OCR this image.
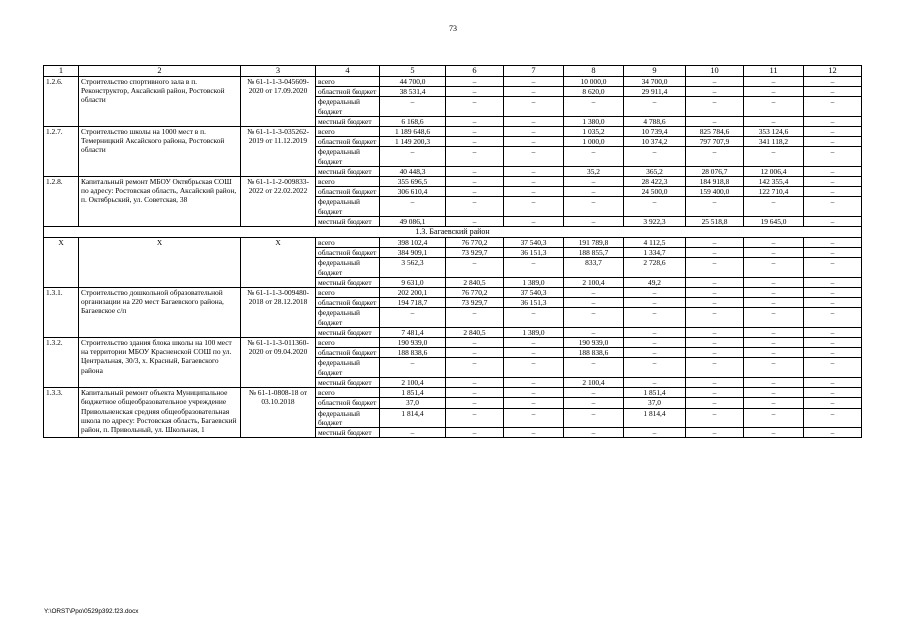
73
1	2	3	4	5	6	7	8	9	10	11	12
1.2.6.	Строительство спортивного зала в п. Реконструктор, Аксайский район, Ростовской области	№ 61-1-1-3-045609-2020 от 17.09.2020	всего	44 700,0	–	–	10 000,0	34 700,0	–	–	–
			областной бюджет	38 531,4	–	–	8 620,0	29 911,4	–	–	–
			федеральный бюджет	–	–	–	–	–	–	–	–
			местный бюджет	6 168,6	–	–	1 380,0	4 788,6	–	–	–
1.2.7.	Строительство школы на 1000 мест в п. Темерницкий Аксайского района, Ростовской области	№ 61-1-1-3-035262-2019 от 11.12.2019	всего	1 189 648,6	–	–	1 035,2	10 739,4	825 784,6	353 124,6	–
			областной бюджет	1 149 200,3	–	–	1 000,0	10 374,2	797 707,9	341 118,2	–
			федеральный бюджет	–	–	–	–	–	–	–	–
			местный бюджет	40 448,3	–	–	35,2	365,2	28 076,7	12 006,4	–
1.2.8.	Капитальный ремонт МБОУ Октябрьская СОШ по адресу: Ростовская область, Аксайский район, п. Октябрьский, ул. Советская, 38	№ 61-1-1-2-009833-2022 от 22.02.2022	всего	355 696,5	–	–	–	28 422,3	184 918,8	142 355,4	–
			областной бюджет	306 610,4	–	–	–	24 500,0	159 400,0	122 710,4	–
			федеральный бюджет	–	–	–	–	–	–	–	–
			местный бюджет	49 086,1	–	–	–	3 922,3	25 518,8	19 645,0	–
1.3. Багаевский район											
X	X	X	всего	398 102,4	76 770,2	37 540,3	191 789,8	4 112,5	–	–	–
			областной бюджет	384 909,1	73 929,7	36 151,3	188 855,7	1 334,7	–	–	–
			федеральный бюджет	3 562,3	–	–	833,7	2 728,6	–	–	–
			местный бюджет	9 631,0	2 840,5	1 389,0	2 100,4	49,2	–	–	–
1.3.1.	Строительство дошкольной образовательной организации на 220 мест Багаевского района, Багаевское с/п	№ 61-1-1-3-009480-2018 от 28.12.2018	всего	202 200,1	76 770,2	37 540,3	–	–	–	–	–
			областной бюджет	194 718,7	73 929,7	36 151,3	–	–	–	–	–
			федеральный бюджет	–	–	–	–	–	–	–	–
			местный бюджет	7 481,4	2 840,5	1 389,0	–	–	–	–	–
1.3.2.	Строительство здания блока школы на 100 мест на территории МБОУ Красненской СОШ по ул. Центральная, 30/3, х. Красный, Багаевского района	№ 61-1-1-3-011360-2020 от 09.04.2020	всего	190 939,0	–	–	190 939,0	–	–	–	–
			областной бюджет	188 838,6	–	–	188 838,6	–	–	–	–
			федеральный бюджет	–	–	–	–	–	–	–	–
			местный бюджет	2 100,4	–	–	2 100,4	–	–	–	–
1.3.3.	Капитальный ремонт объекта Муниципальное бюджетное общеобразовательное учреждение Привольненская средняя общеобразовательная школа по адресу: Ростовская область, Багаевский район, п. Привольный, ул. Школьная, 1	№ 61-1-0808-18 от 03.10.2018	всего	1 851,4	–	–	–	1 851,4	–	–	–
			областной бюджет	37,0	–	–	–	37,0	–	–	–
			федеральный бюджет	1 814,4	–	–	–	1 814,4	–	–	–
			местный бюджет	–	–	–	–	–	–	–	–
Y:\ORST\Ppo\0529p392.f23.docx
